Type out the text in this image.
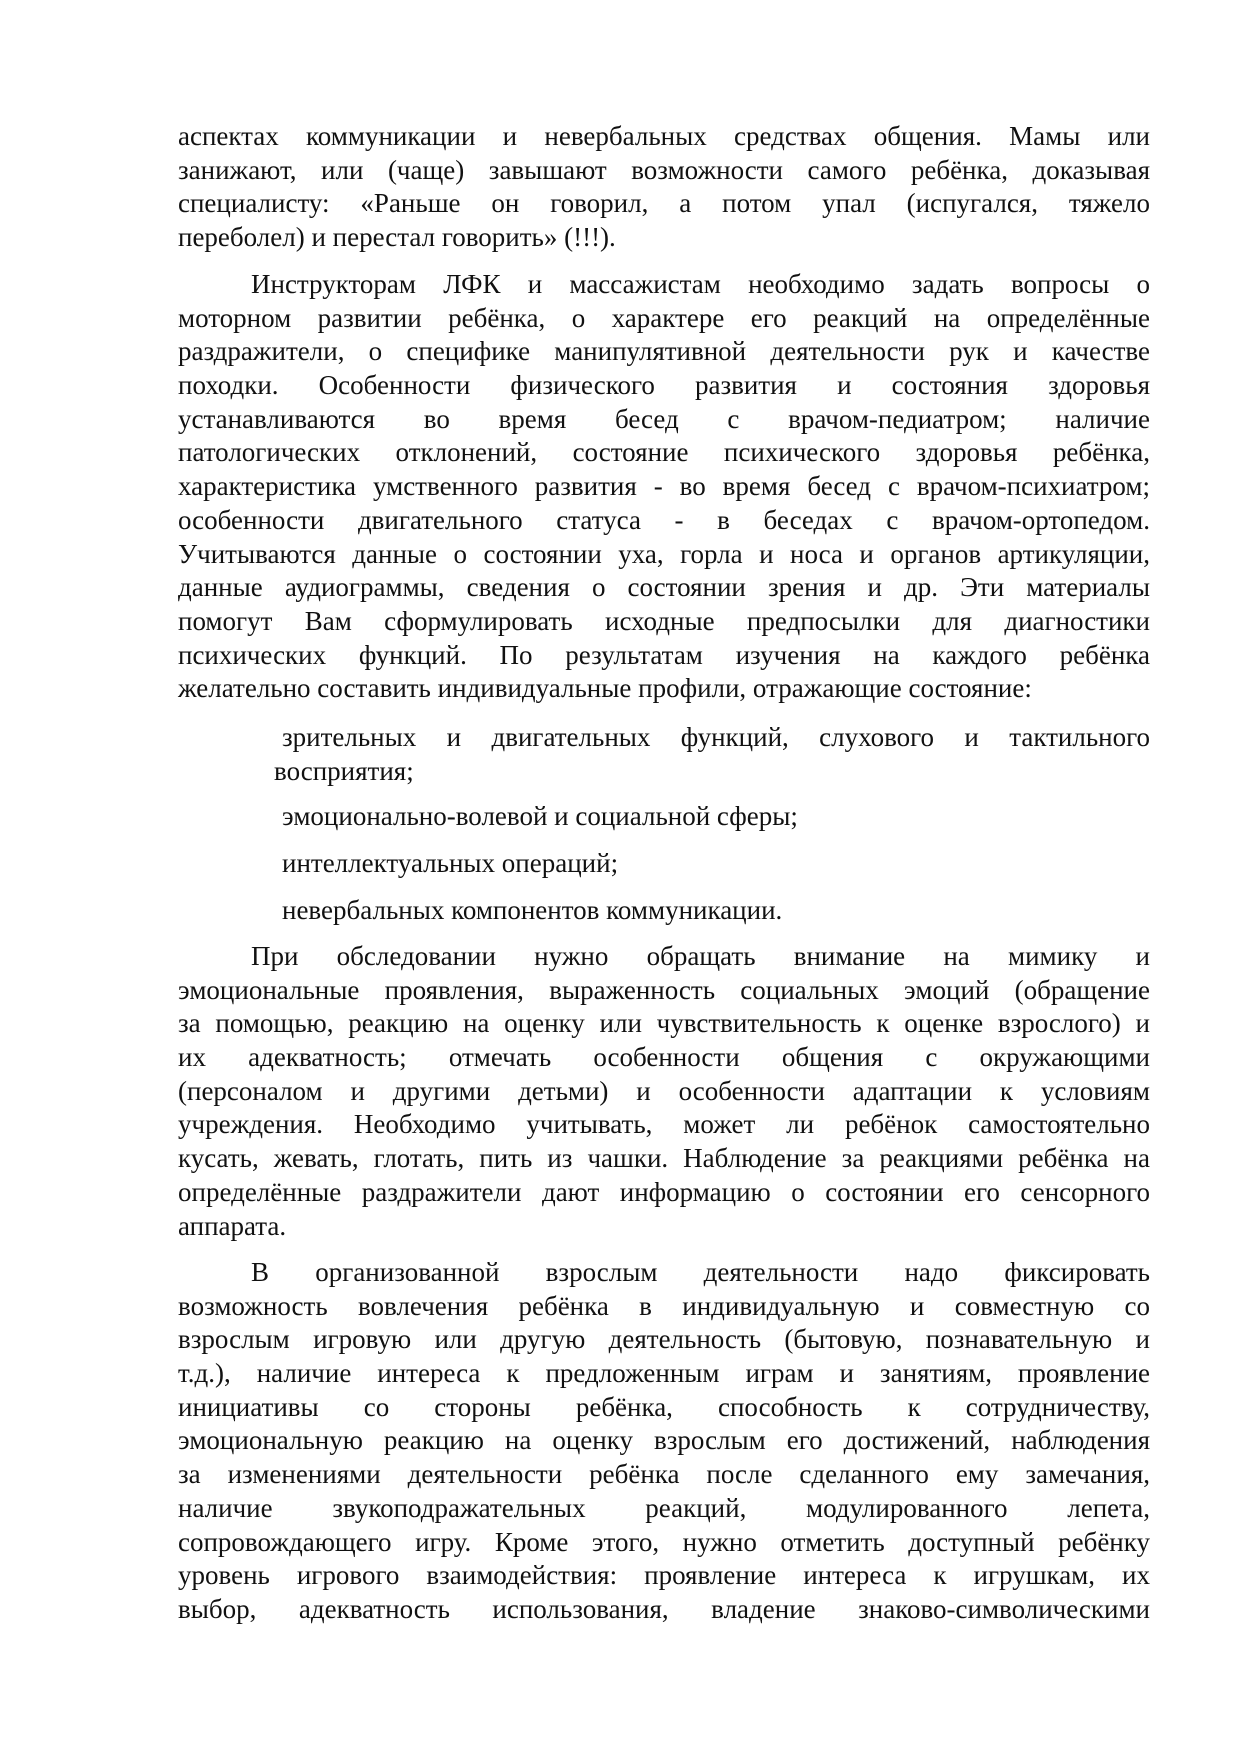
аспектах коммуникации и невербальных средствах общения. Мамы или
занижают, или (чаще) завышают возможности самого ребёнка, доказывая
специалисту: «Раньше он говорил, а потом упал (испугался, тяжело
переболел) и перестал говорить» (!!!).
Инструкторам ЛФК и массажистам необходимо задать вопросы о
моторном развитии ребёнка, о характере его реакций на определённые
раздражители, о специфике манипулятивной деятельности рук и качестве
походки. Особенности физического развития и состояния здоровья
устанавливаются во время бесед с врачом-педиатром; наличие
патологических отклонений, состояние психического здоровья ребёнка,
характеристика умственного развития - во время бесед с врачом-психиатром;
особенности двигательного статуса - в беседах с врачом-ортопедом.
Учитываются данные о состоянии уха, горла и носа и органов артикуляции,
данные аудиограммы, сведения о состоянии зрения и др. Эти материалы
помогут Вам сформулировать исходные предпосылки для диагностики
психических функций. По результатам изучения на каждого ребёнка
желательно составить индивидуальные профили, отражающие состояние:
зрительных и двигательных функций, слухового и тактильного
восприятия;
эмоционально-волевой и социальной сферы;
интеллектуальных операций;
невербальных компонентов коммуникации.
При обследовании нужно обращать внимание на мимику и
эмоциональные проявления, выраженность социальных эмоций (обращение
за помощью, реакцию на оценку или чувствительность к оценке взрослого) и
их адекватность; отмечать особенности общения с окружающими
(персоналом и другими детьми) и особенности адаптации к условиям
учреждения. Необходимо учитывать, может ли ребёнок самостоятельно
кусать, жевать, глотать, пить из чашки. Наблюдение за реакциями ребёнка на
определённые раздражители дают информацию о состоянии его сенсорного
аппарата.
В организованной взрослым деятельности надо фиксировать
возможность вовлечения ребёнка в индивидуальную и совместную со
взрослым игровую или другую деятельность (бытовую, познавательную и
т.д.), наличие интереса к предложенным играм и занятиям, проявление
инициативы со стороны ребёнка, способность к сотрудничеству,
эмоциональную реакцию на оценку взрослым его достижений, наблюдения
за изменениями деятельности ребёнка после сделанного ему замечания,
наличие звукоподражательных реакций, модулированного лепета,
сопровождающего игру. Кроме этого, нужно отметить доступный ребёнку
уровень игрового взаимодействия: проявление интереса к игрушкам, их
выбор, адекватность использования, владение знаково-символическими
